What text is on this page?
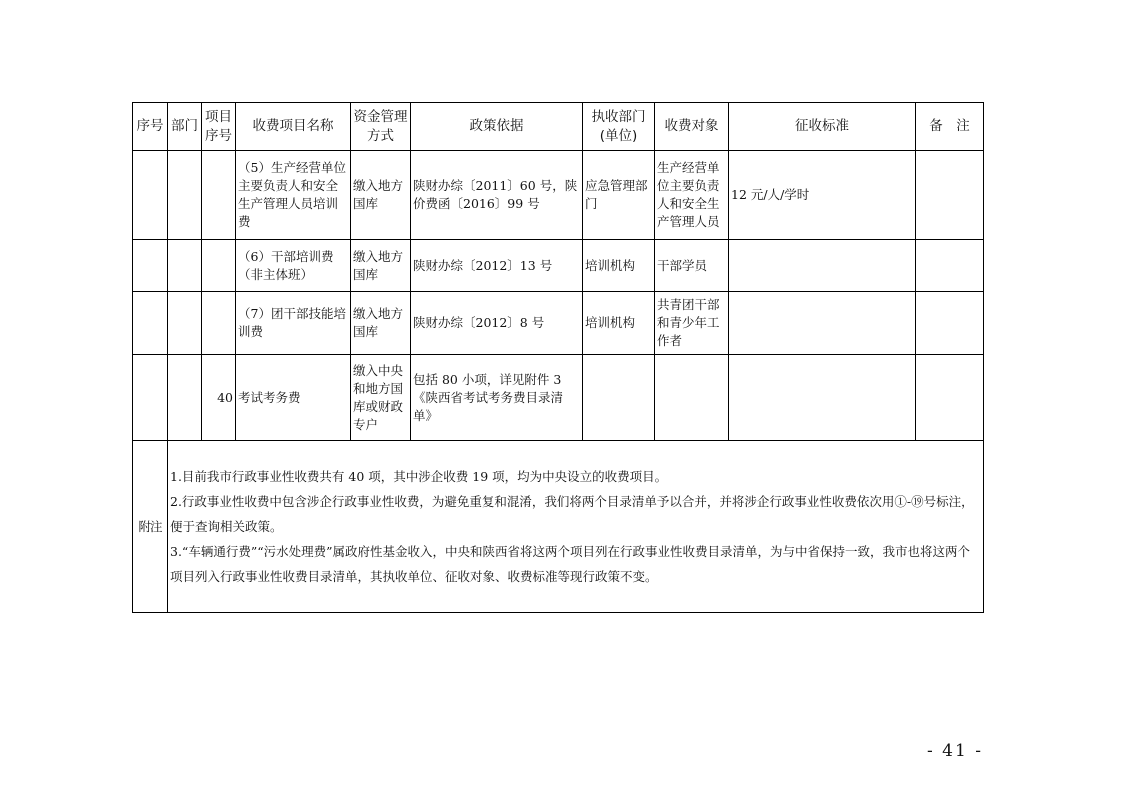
序号	部门	项目序号	收费项目名称	资金管理方式	政策依据	执收部门(单位)	收费对象	征收标准	备　注
			（5）生产经营单位主要负责人和安全生产管理人员培训费	缴入地方国库	陕财办综〔2011〕60 号，陕价费函〔2016〕99 号	应急管理部门	生产经营单位主要负责人和安全生产管理人员	12 元/人/学时	
			（6）干部培训费（非主体班）	缴入地方国库	陕财办综〔2012〕13 号	培训机构	干部学员		
			（7）团干部技能培训费	缴入地方国库	陕财办综〔2012〕8 号	培训机构	共青团干部和青少年工作者		
		40	考试考务费	缴入中央和地方国库或财政专户	包括 80 小项，详见附件 3《陕西省考试考务费目录清单》				
附注	1.目前我市行政事业性收费共有 40 项，其中涉企收费 19 项，均为中央设立的收费项目。

2.行政事业性收费中包含涉企行政事业性收费，为避免重复和混淆，我们将两个目录清单予以合并，并将涉企行政事业性收费依次用①-⑲号标注，便于查询相关政策。

3.“车辆通行费”“污水处理费”属政府性基金收入，中央和陕西省将这两个项目列在行政事业性收费目录清单，为与中省保持一致，我市也将这两个项目列入行政事业性收费目录清单，其执收单位、征收对象、收费标准等现行政策不变。								

- 41 -
